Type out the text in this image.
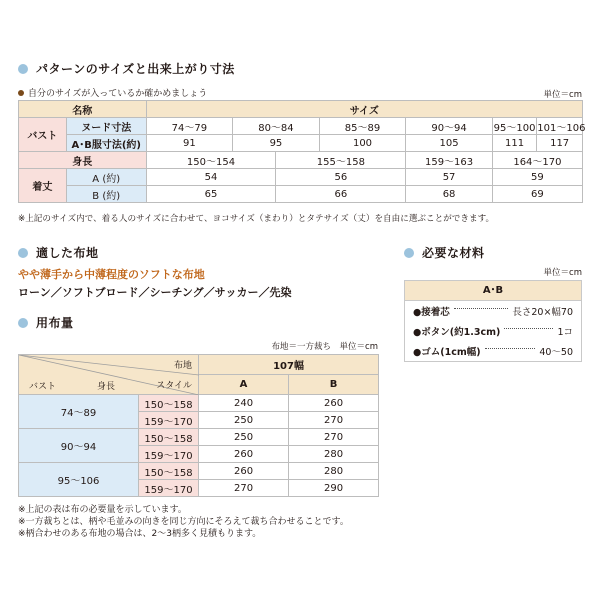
パターンのサイズと出来上がり寸法
自分のサイズが入っているか確かめましょう	単位＝cm
名称		サイズ						
バスト	ヌード寸法	74〜79	80〜84		85〜89	90〜94	95〜100	101〜106
	A･B服寸法(約)	91	95		100	105	111	117
身長		150〜154		155〜158		159〜163	164〜170	
着丈	A (約)	54		56		57	59	
	B (約)	65		66		68	69	
※上記のサイズ内で、着る人のサイズに合わせて、ヨコサイズ（まわり）とタテサイズ（丈）を自由に選ぶことができます。
適した布地
やや薄手から中薄程度のソフトな布地
ローン／ソフトブロード／シーチング／サッカー／先染
必要な材料
単位＝cm
A･B
●接着芯	長さ20×幅70
●ボタン(約1.3cm)	1コ
●ゴム(1cm幅)	40〜50
用布量
布地＝一方裁ち　単位＝cm
布地
スタイル
身長
バスト		107幅	
		A	B
74〜89	150〜158	240	260
	159〜170	250	270
90〜94	150〜158	250	270
	159〜170	260	280
95〜106	150〜158	260	280
	159〜170	270	290
※上記の表は布の必要量を示しています。
※一方裁ちとは、柄や毛並みの向きを同じ方向にそろえて裁ち合わせることです。
※柄合わせのある布地の場合は、2〜3柄多く見積もります。
